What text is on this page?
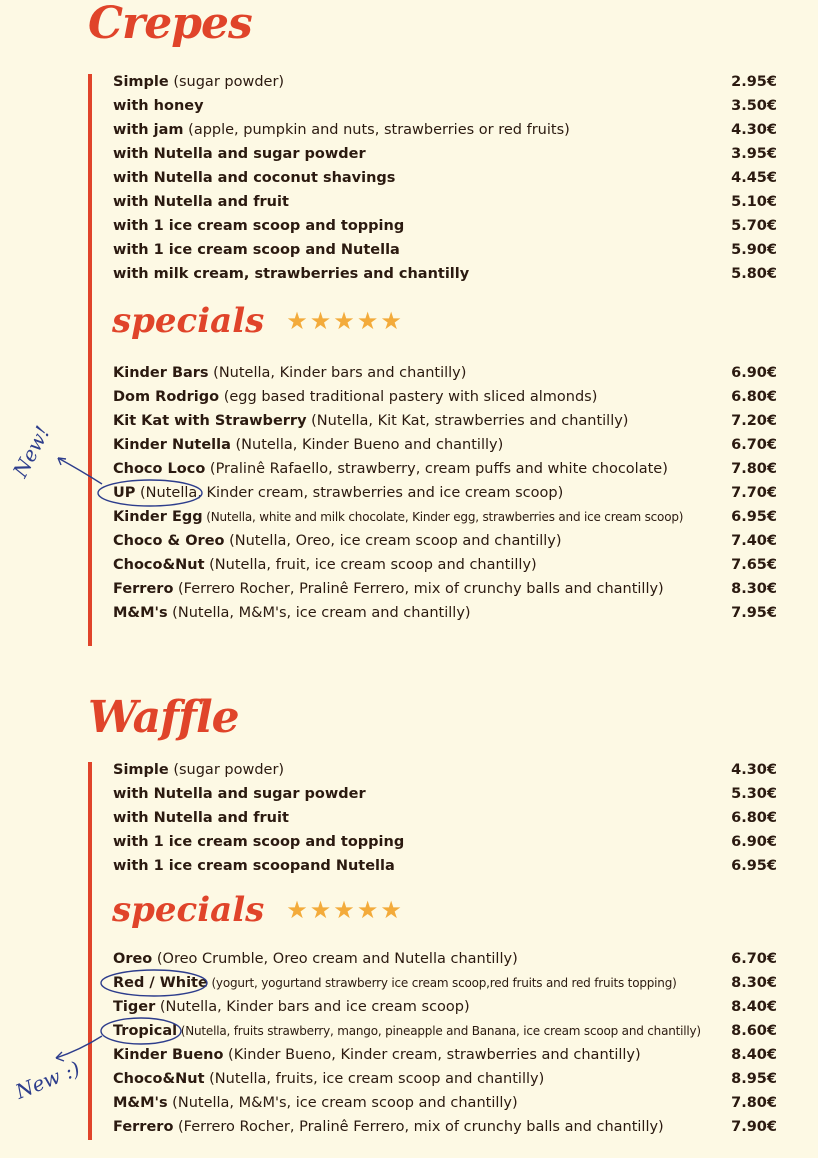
Crepes
Simple (sugar powder)	2.95€
with honey	3.50€
with jam (apple, pumpkin and nuts, strawberries or red fruits)	4.30€
with Nutella and sugar powder	3.95€
with Nutella and coconut shavings	4.45€
with Nutella and fruit	5.10€
with 1 ice cream scoop and topping	5.70€
with 1 ice cream scoop and Nutella	5.90€
with milk cream, strawberries and chantilly	5.80€
specials ★★★★★
Kinder Bars (Nutella, Kinder bars and chantilly)	6.90€
Dom Rodrigo (egg based traditional pastery with sliced almonds)	6.80€
Kit Kat with Strawberry (Nutella, Kit Kat, strawberries and chantilly)	7.20€
Kinder Nutella (Nutella, Kinder Bueno and chantilly)	6.70€
Choco Loco (Pralinê Rafaello, strawberry, cream puffs and white chocolate)	7.80€
UP (Nutella, Kinder cream, strawberries and ice cream scoop)	7.70€
Kinder Egg (Nutella, white and milk chocolate, Kinder egg, strawberries and ice cream scoop)	6.95€
Choco & Oreo (Nutella, Oreo, ice cream scoop and chantilly)	7.40€
Choco&Nut (Nutella, fruit, ice cream scoop and chantilly)	7.65€
Ferrero (Ferrero Rocher, Pralinê Ferrero, mix of crunchy balls and chantilly)	8.30€
M&M's (Nutella, M&M's, ice cream and chantilly)	7.95€
Waffle
Simple (sugar powder)	4.30€
with Nutella and sugar powder	5.30€
with Nutella and fruit	6.80€
with 1 ice cream scoop and topping	6.90€
with 1 ice cream scoopand Nutella	6.95€
specials ★★★★★
Oreo (Oreo Crumble, Oreo cream and Nutella chantilly)	6.70€
Red / White (yogurt, yogurtand strawberry ice cream scoop,red fruits and red fruits topping)	8.30€
Tiger (Nutella, Kinder bars and ice cream scoop)	8.40€
Tropical (Nutella, fruits strawberry, mango, pineapple and Banana, ice cream scoop and chantilly) 8.60€
Kinder Bueno (Kinder Bueno, Kinder cream, strawberries and chantilly)	8.40€
Choco&Nut (Nutella, fruits, ice cream scoop and chantilly)	8.95€
M&M's (Nutella, M&M's, ice cream scoop and chantilly)	7.80€
Ferrero (Ferrero Rocher, Pralinê Ferrero, mix of crunchy balls and chantilly)	7.90€
New!
New :)
